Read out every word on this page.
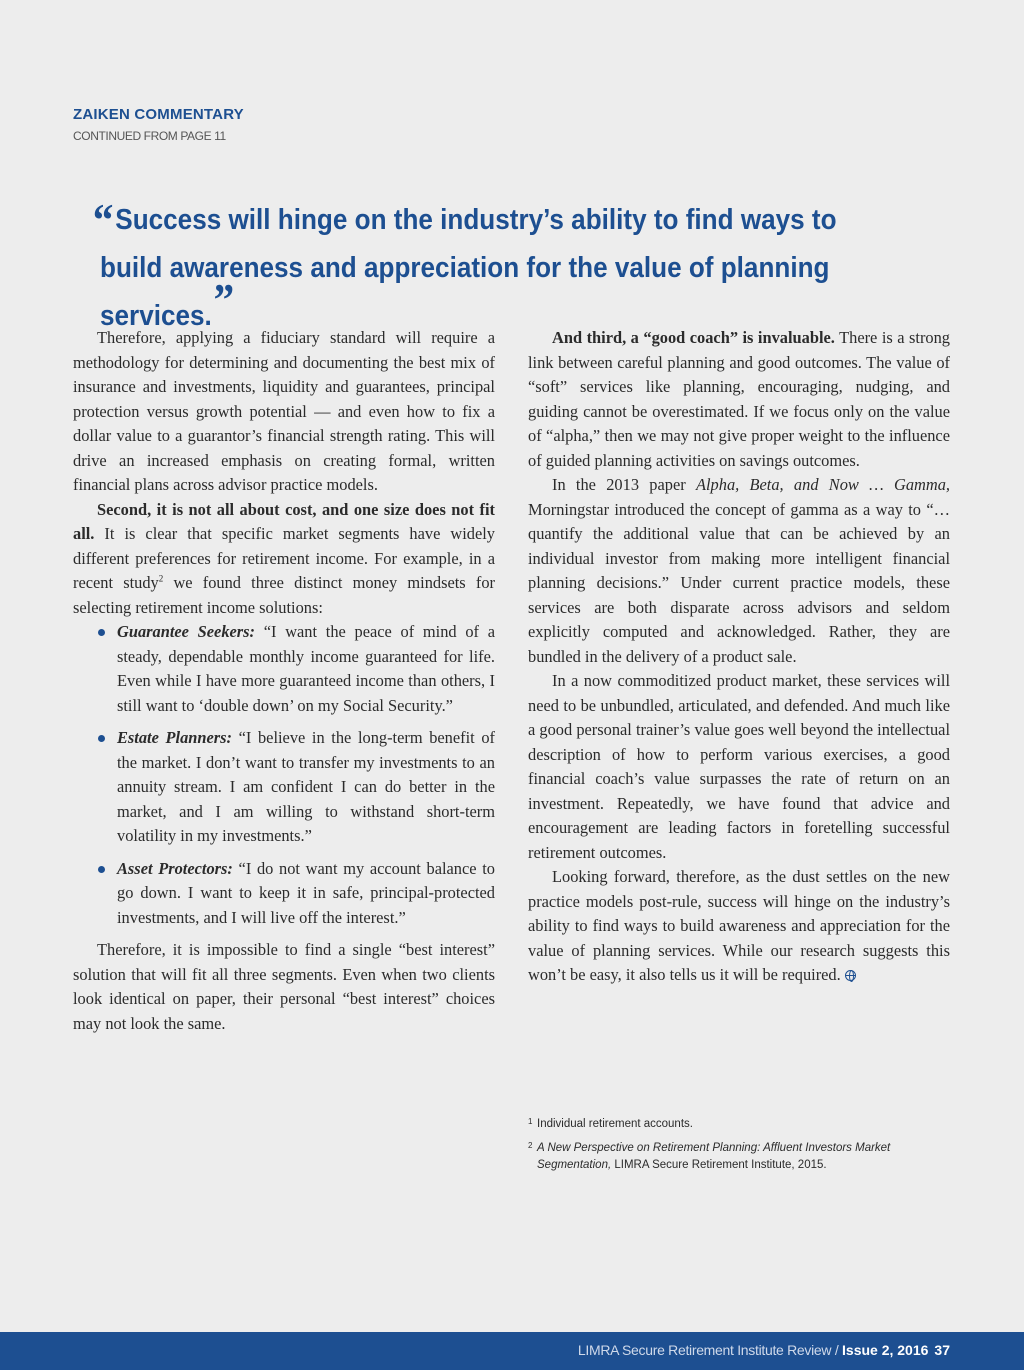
ZAIKEN COMMENTARY
CONTINUED FROM PAGE 11
“Success will hinge on the industry’s ability to find ways to build awareness and appreciation for the value of planning services.”

Therefore, applying a fiduciary standard will require a methodology for determining and documenting the best mix of insurance and investments, liquidity and guarantees, principal protection versus growth potential — and even how to fix a dollar value to a guarantor’s financial strength rating. This will drive an increased emphasis on creating formal, written financial plans across advisor practice models.

Second, it is not all about cost, and one size does not fit all. It is clear that specific market segments have widely different preferences for retirement income. For example, in a recent study$^2$ we found three distinct money mindsets for selecting retirement income solutions:

Guarantee Seekers: “I want the peace of mind of a steady, dependable monthly income guaranteed for life. Even while I have more guaranteed income than others, I still want to ‘double down’ on my Social Security.”
Estate Planners: “I believe in the long-term benefit of the market. I don’t want to transfer my investments to an annuity stream. I am confident I can do better in the market, and I am willing to withstand short-term volatility in my investments.”
Asset Protectors: “I do not want my account balance to go down. I want to keep it in safe, principal-protected investments, and I will live off the interest.”

Therefore, it is impossible to find a single “best interest” solution that will fit all three segments. Even when two clients look identical on paper, their personal “best interest” choices may not look the same.

And third, a “good coach” is invaluable. There is a strong link between careful planning and good outcomes. The value of “soft” services like planning, encouraging, nudging, and guiding cannot be overestimated. If we focus only on the value of “alpha,” then we may not give proper weight to the influence of guided planning activities on savings outcomes.

In the 2013 paper Alpha, Beta, and Now … Gamma, Morningstar introduced the concept of gamma as a way to “…quantify the additional value that can be achieved by an individual investor from making more intelligent financial planning decisions.” Under current practice models, these services are both disparate across advisors and seldom explicitly computed and acknowledged. Rather, they are bundled in the delivery of a product sale.

In a now commoditized product market, these services will need to be unbundled, articulated, and defended. And much like a good personal trainer’s value goes well beyond the intellectual description of how to perform various exercises, a good financial coach’s value surpasses the rate of return on an investment. Repeatedly, we have found that advice and encouragement are leading factors in foretelling successful retirement outcomes.

Looking forward, therefore, as the dust settles on the new practice models post-rule, success will hinge on the industry’s ability to find ways to build awareness and appreciation for the value of planning services. While our research suggests this won’t be easy, it also tells us it will be required.

1 Individual retirement accounts.
2 A New Perspective on Retirement Planning: Affluent Investors Market Segmentation, LIMRA Secure Retirement Institute, 2015.
LIMRA Secure Retirement Institute Review / Issue 2, 2016 37
